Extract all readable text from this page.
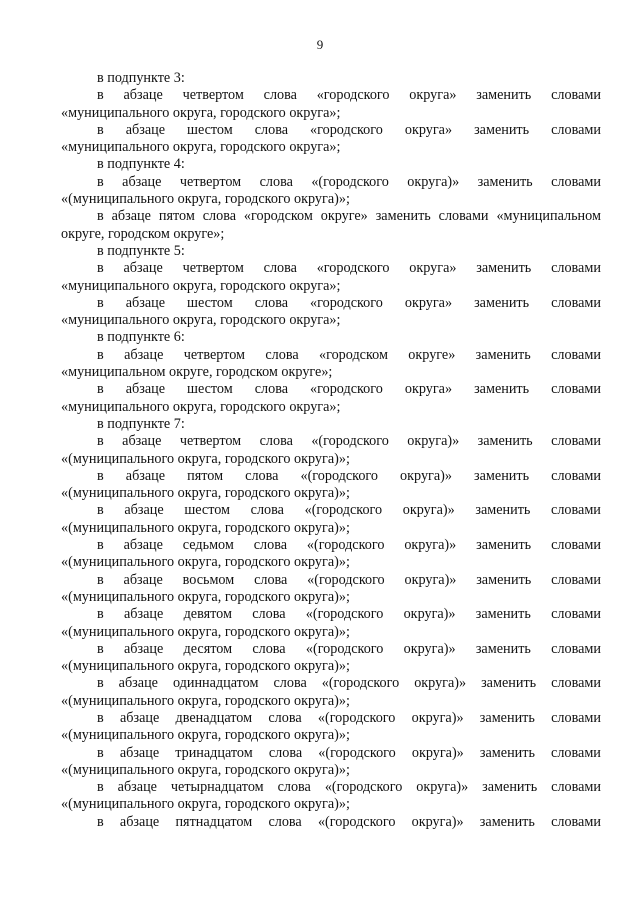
9
в подпункте 3:
в абзаце четвертом слова «городского округа» заменить словами
«муниципального округа, городского округа»;
в абзаце шестом слова «городского округа» заменить словами
«муниципального округа, городского округа»;
в подпункте 4:
в абзаце четвертом слова «(городского округа)» заменить словами
«(муниципального округа, городского округа)»;
в абзаце пятом слова «городском округе» заменить словами «муниципальном
округе, городском округе»;
в подпункте 5:
в абзаце четвертом слова «городского округа» заменить словами
«муниципального округа, городского округа»;
в абзаце шестом слова «городского округа» заменить словами
«муниципального округа, городского округа»;
в подпункте 6:
в абзаце четвертом слова «городском округе» заменить словами
«муниципальном округе, городском округе»;
в абзаце шестом слова «городского округа» заменить словами
«муниципального округа, городского округа»;
в подпункте 7:
в абзаце четвертом слова «(городского округа)» заменить словами
«(муниципального округа, городского округа)»;
в абзаце пятом слова «(городского округа)» заменить словами
«(муниципального округа, городского округа)»;
в абзаце шестом слова «(городского округа)» заменить словами
«(муниципального округа, городского округа)»;
в абзаце седьмом слова «(городского округа)» заменить словами
«(муниципального округа, городского округа)»;
в абзаце восьмом слова «(городского округа)» заменить словами
«(муниципального округа, городского округа)»;
в абзаце девятом слова «(городского округа)» заменить словами
«(муниципального округа, городского округа)»;
в абзаце десятом слова «(городского округа)» заменить словами
«(муниципального округа, городского округа)»;
в абзаце одиннадцатом слова «(городского округа)» заменить словами
«(муниципального округа, городского округа)»;
в абзаце двенадцатом слова «(городского округа)» заменить словами
«(муниципального округа, городского округа)»;
в абзаце тринадцатом слова «(городского округа)» заменить словами
«(муниципального округа, городского округа)»;
в абзаце четырнадцатом слова «(городского округа)» заменить словами
«(муниципального округа, городского округа)»;
в абзаце пятнадцатом слова «(городского округа)» заменить словами
